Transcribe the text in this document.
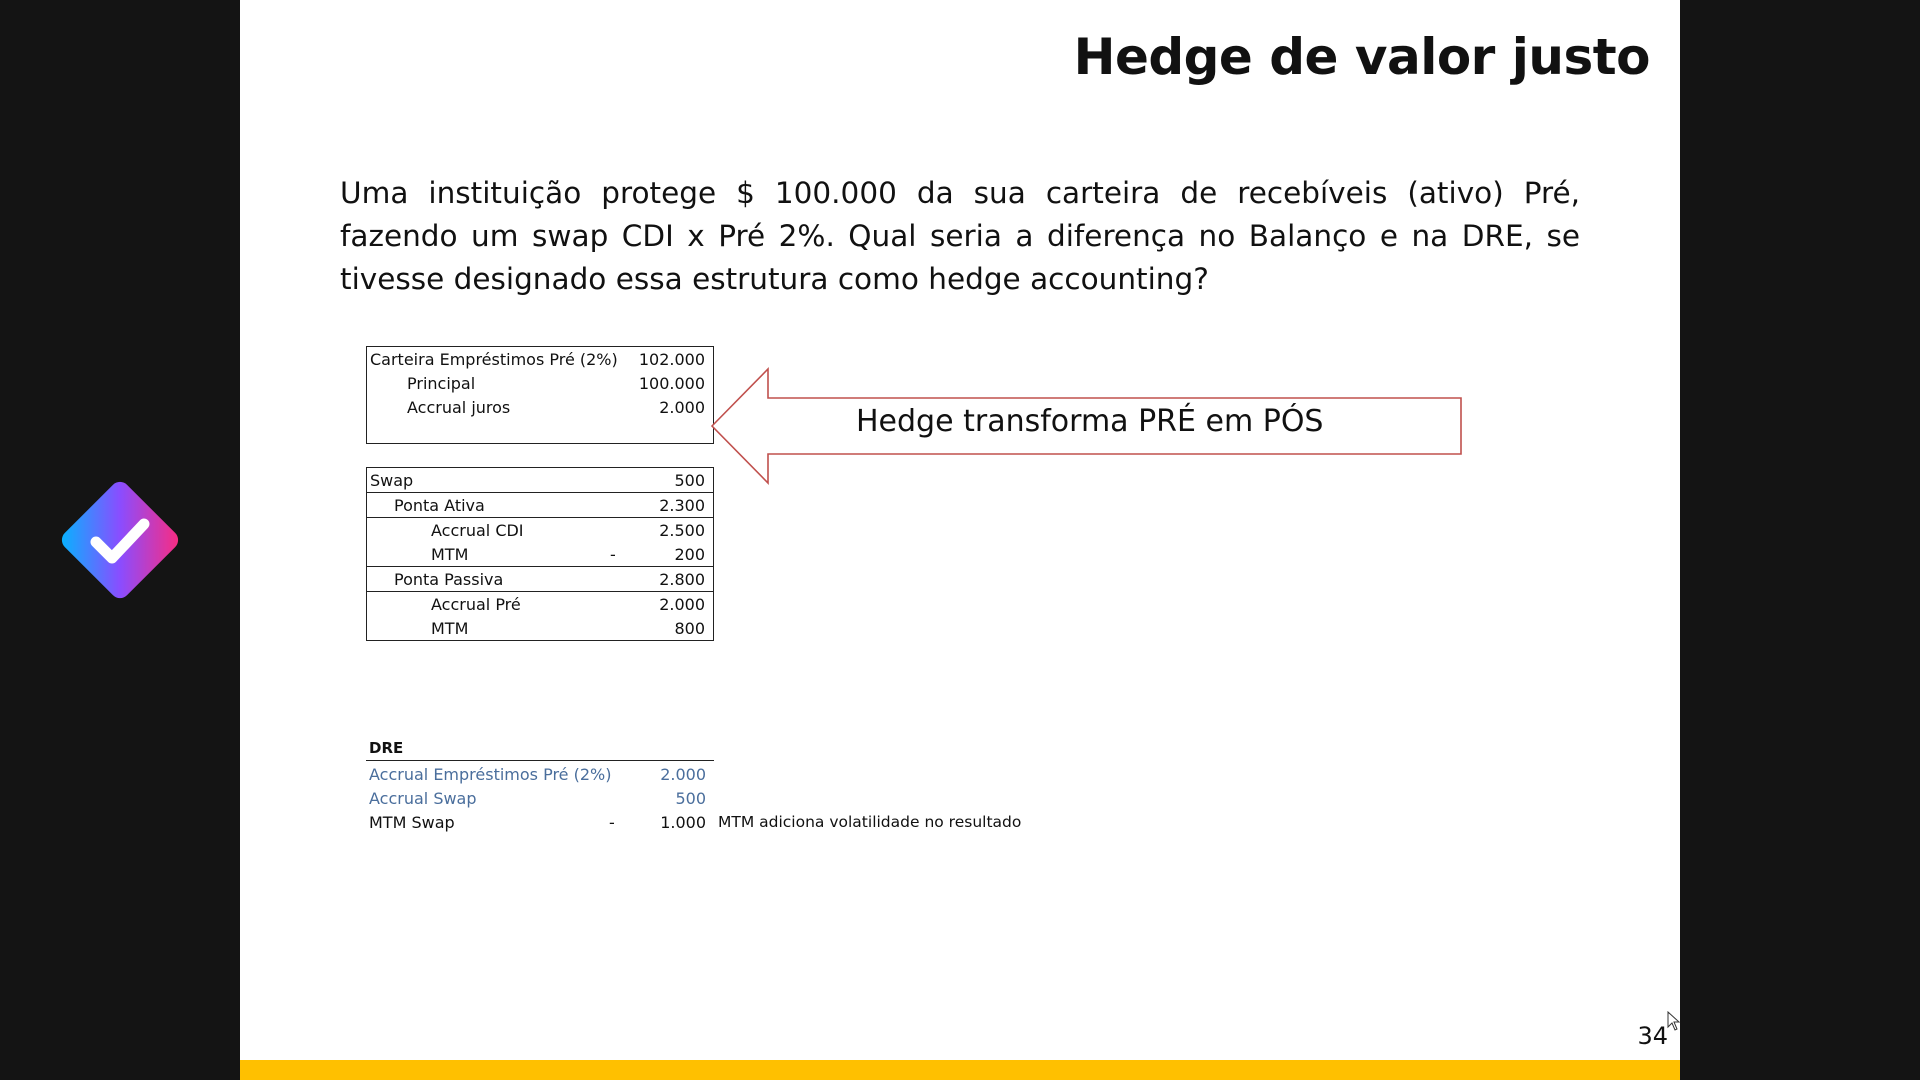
Hedge de valor justo
Uma instituição protege $ 100.000 da sua carteira de recebíveis (ativo) Pré, fazendo um swap CDI x Pré 2%. Qual seria a diferença no Balanço e na DRE, se tivesse designado essa estrutura como hedge accounting?
Carteira Empréstimos Pré (2%) 102.000
Principal	100.000
Accrual juros	2.000
Swap	500
Ponta Ativa	2.300
Accrual CDI	2.500
MTM	-	200
Ponta Passiva	2.800
Accrual Pré	2.000
MTM	800
Hedge transforma PRÉ em PÓS
DRE
Accrual Empréstimos Pré (2%)	2.000
Accrual Swap	500
MTM Swap	-	1.000 MTM adiciona volatilidade no resultado
34
